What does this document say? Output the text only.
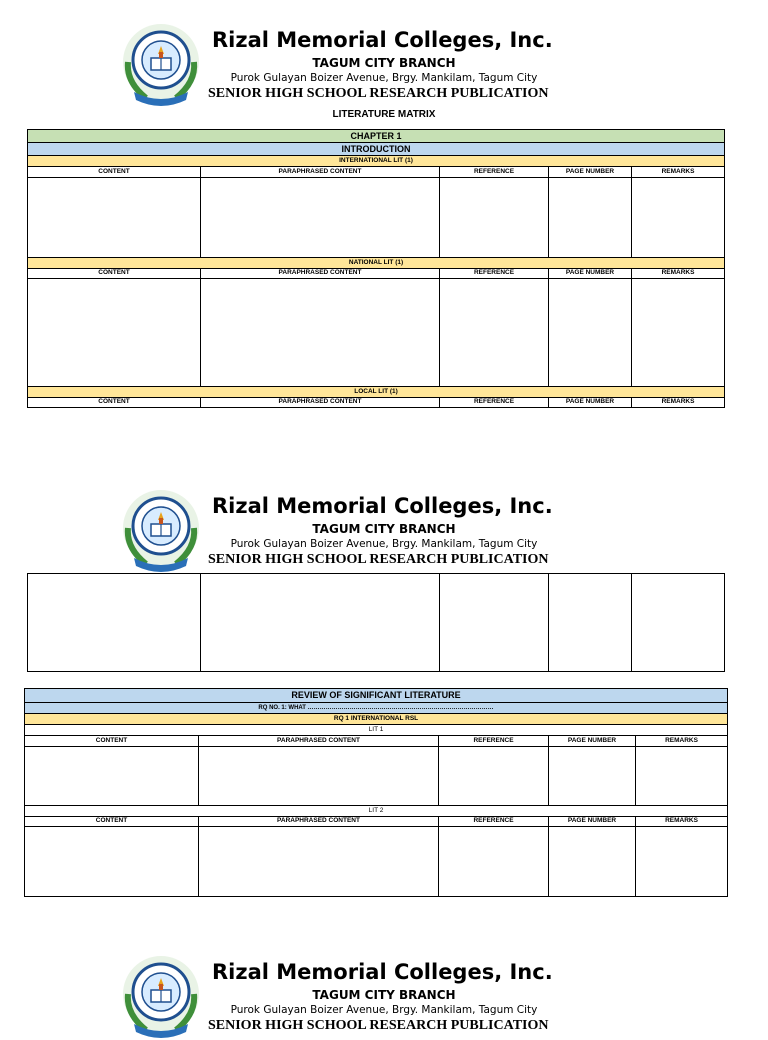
Rizal Memorial Colleges, Inc.
TAGUM CITY BRANCH
Purok Gulayan Boizer Avenue, Brgy. Mankilam, Tagum City
SENIOR HIGH SCHOOL RESEARCH PUBLICATION
LITERATURE MATRIX
CHAPTER 1				
INTRODUCTION				
INTERNATIONAL LIT (1)				
CONTENT	PARAPHRASED CONTENT	REFERENCE	PAGE NUMBER	REMARKS

NATIONAL LIT (1)				
CONTENT	PARAPHRASED CONTENT	REFERENCE	PAGE NUMBER	REMARKS

LOCAL LIT (1)				
CONTENT	PARAPHRASED CONTENT	REFERENCE	PAGE NUMBER	REMARKS
Rizal Memorial Colleges, Inc.
TAGUM CITY BRANCH
Purok Gulayan Boizer Avenue, Brgy. Mankilam, Tagum City
SENIOR HIGH SCHOOL RESEARCH PUBLICATION

REVIEW OF SIGNIFICANT LITERATURE				
RQ NO. 1: WHAT …………………………………………………………………………………				
RQ 1 INTERNATIONAL RSL				
LIT 1				
CONTENT	PARAPHRASED CONTENT	REFERENCE	PAGE NUMBER	REMARKS

LIT 2				
CONTENT	PARAPHRASED CONTENT	REFERENCE	PAGE NUMBER	REMARKS

Rizal Memorial Colleges, Inc.
TAGUM CITY BRANCH
Purok Gulayan Boizer Avenue, Brgy. Mankilam, Tagum City
SENIOR HIGH SCHOOL RESEARCH PUBLICATION
